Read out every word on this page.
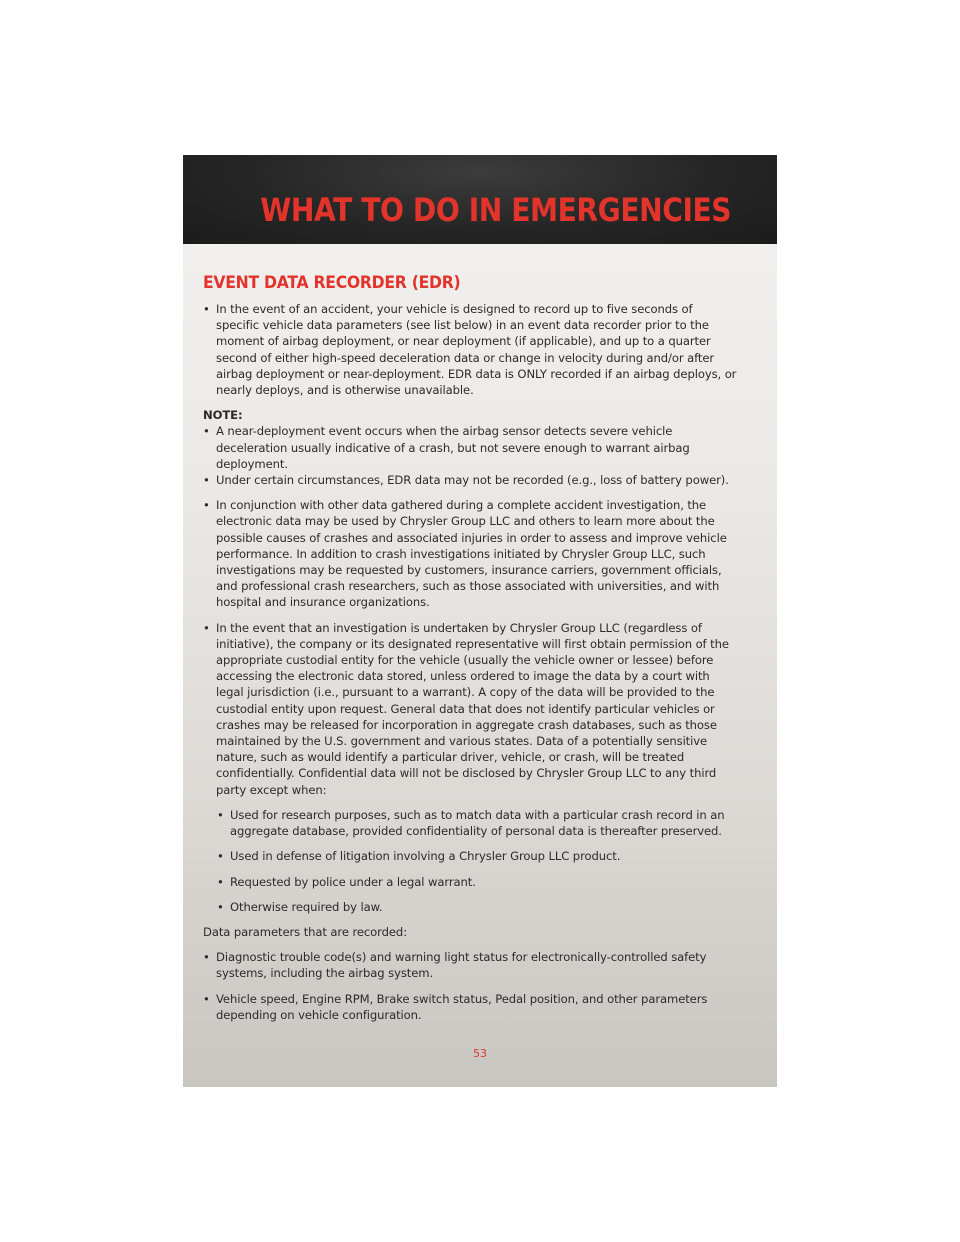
WHAT TO DO IN EMERGENCIES
EVENT DATA RECORDER (EDR)
• In the event of an accident, your vehicle is designed to record up to five seconds of specific vehicle data parameters (see list below) in an event data recorder prior to the moment of airbag deployment, or near deployment (if applicable), and up to a quarter second of either high-speed deceleration data or change in velocity during and/or after airbag deployment or near-deployment. EDR data is ONLY recorded if an airbag deploys, or nearly deploys, and is otherwise unavailable.
NOTE:
• A near-deployment event occurs when the airbag sensor detects severe vehicle deceleration usually indicative of a crash, but not severe enough to warrant airbag deployment.
• Under certain circumstances, EDR data may not be recorded (e.g., loss of battery power).
• In conjunction with other data gathered during a complete accident investigation, the electronic data may be used by Chrysler Group LLC and others to learn more about the possible causes of crashes and associated injuries in order to assess and improve vehicle performance. In addition to crash investigations initiated by Chrysler Group LLC, such investigations may be requested by customers, insurance carriers, government officials, and professional crash researchers, such as those associated with universities, and with hospital and insurance organizations.
• In the event that an investigation is undertaken by Chrysler Group LLC (regardless of initiative), the company or its designated representative will first obtain permission of the appropriate custodial entity for the vehicle (usually the vehicle owner or lessee) before accessing the electronic data stored, unless ordered to image the data by a court with legal jurisdiction (i.e., pursuant to a warrant). A copy of the data will be provided to the custodial entity upon request. General data that does not identify particular vehicles or crashes may be released for incorporation in aggregate crash databases, such as those maintained by the U.S. government and various states. Data of a potentially sensitive nature, such as would identify a particular driver, vehicle, or crash, will be treated confidentially. Confidential data will not be disclosed by Chrysler Group LLC to any third party except when:
• Used for research purposes, such as to match data with a particular crash record in an aggregate database, provided confidentiality of personal data is thereafter preserved.
• Used in defense of litigation involving a Chrysler Group LLC product.
• Requested by police under a legal warrant.
• Otherwise required by law.
Data parameters that are recorded:
• Diagnostic trouble code(s) and warning light status for electronically-controlled safety systems, including the airbag system.
• Vehicle speed, Engine RPM, Brake switch status, Pedal position, and other parameters depending on vehicle configuration.
53
